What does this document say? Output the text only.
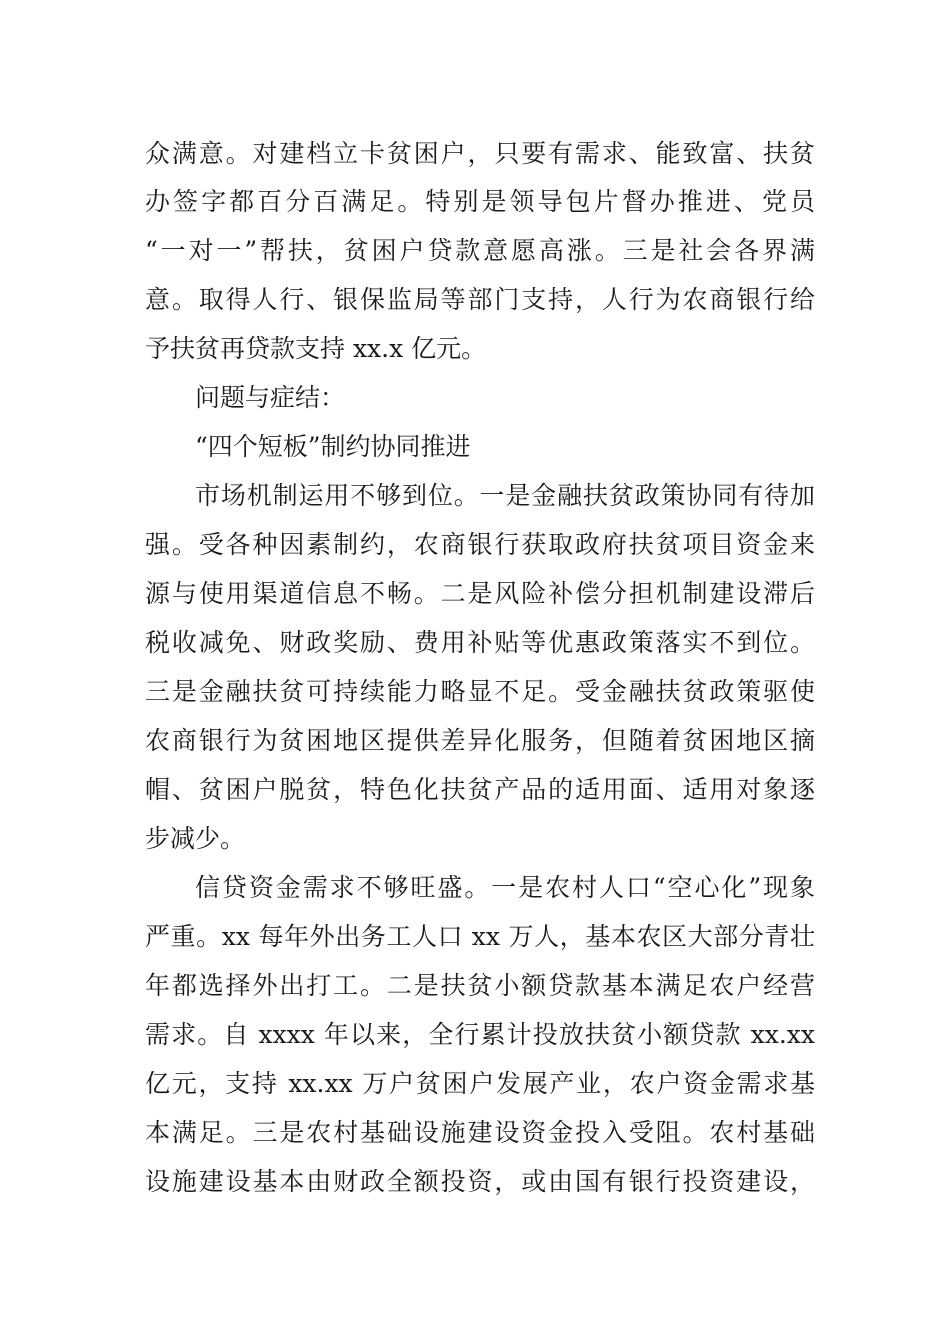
众满意。对建档立卡贫困户，只要有需求、能致富、扶贫
办签字都百分百满足。特别是领导包片督办推进、党员
“一对一”帮扶，贫困户贷款意愿高涨。三是社会各界满
意。取得人行、银保监局等部门支持，人行为农商银行给
予扶贫再贷款支持 xx.x 亿元。
问题与症结：
“四个短板”制约协同推进
市场机制运用不够到位。一是金融扶贫政策协同有待加
强。受各种因素制约，农商银行获取政府扶贫项目资金来
源与使用渠道信息不畅。二是风险补偿分担机制建设滞后
税收减免、财政奖励、费用补贴等优惠政策落实不到位。
三是金融扶贫可持续能力略显不足。受金融扶贫政策驱使
农商银行为贫困地区提供差异化服务，但随着贫困地区摘
帽、贫困户脱贫，特色化扶贫产品的适用面、适用对象逐
步减少。
信贷资金需求不够旺盛。一是农村人口“空心化”现象
严重。xx 每年外出务工人口 xx 万人，基本农区大部分青壮
年都选择外出打工。二是扶贫小额贷款基本满足农户经营
需求。自 xxxx 年以来，全行累计投放扶贫小额贷款 xx.xx
亿元，支持 xx.xx 万户贫困户发展产业，农户资金需求基
本满足。三是农村基础设施建设资金投入受阻。农村基础
设施建设基本由财政全额投资，或由国有银行投资建设，
